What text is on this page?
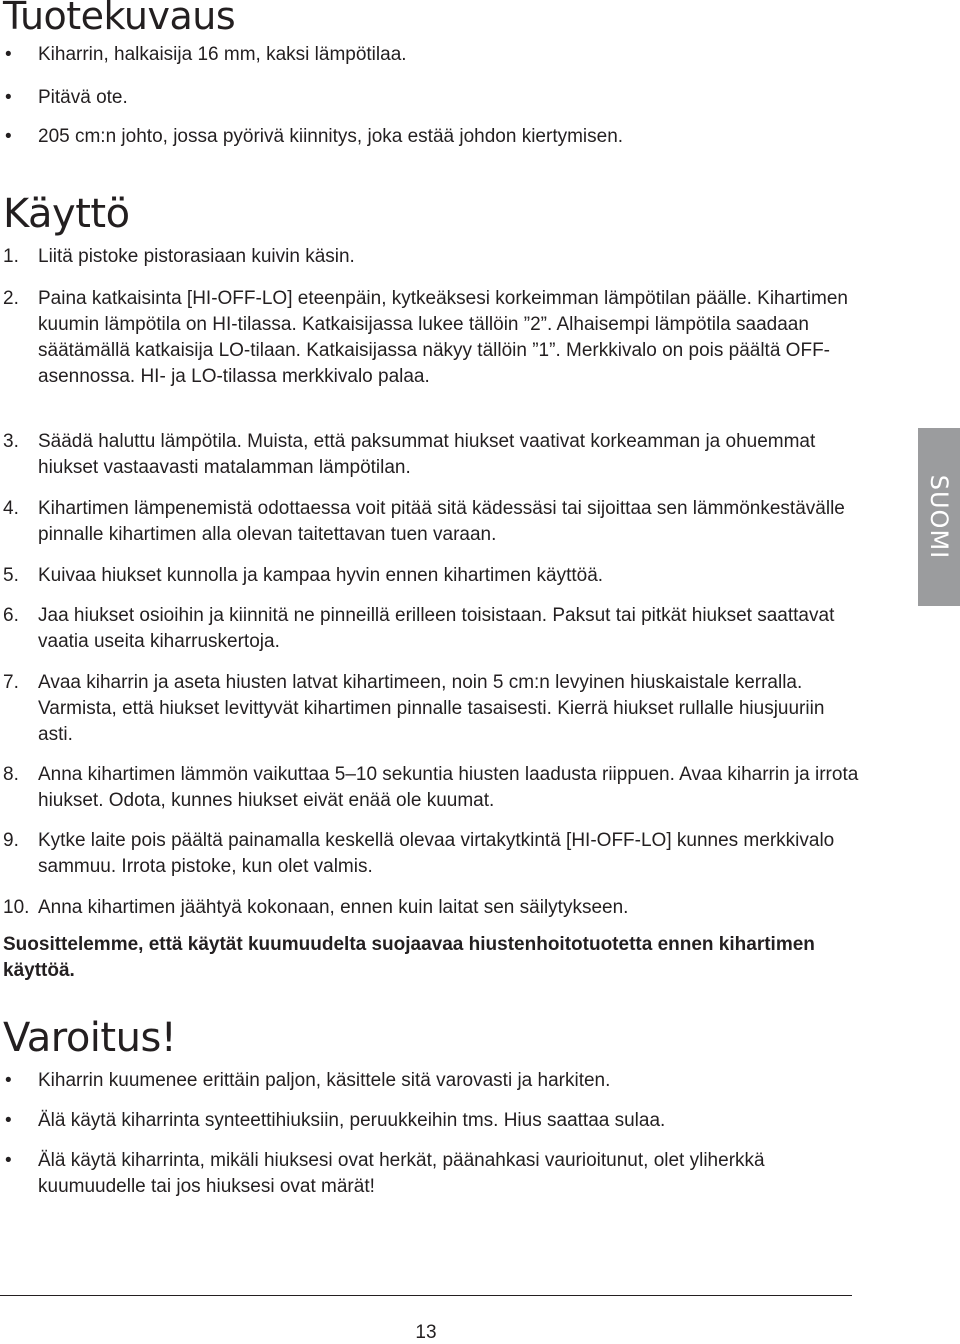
Tuotekuvaus
• Kiharrin, halkaisija 16 mm, kaksi lämpötilaa.
• Pitävä ote.
• 205 cm:n johto, jossa pyörivä kiinnitys, joka estää johdon kiertymisen.
Käyttö
1. Liitä pistoke pistorasiaan kuivin käsin.
2. Paina katkaisinta [HI-OFF-LO] eteenpäin, kytkeäksesi korkeimman lämpötilan päälle. Kihartimen kuumin lämpötila on HI-tilassa. Katkaisijassa lukee tällöin ”2”. Alhaisempi lämpötila saadaan säätämällä katkaisija LO-tilaan. Katkaisijassa näkyy tällöin ”1”. Merkkivalo on pois päältä OFF-asennossa. HI- ja LO-tilassa merkkivalo palaa.
3. Säädä haluttu lämpötila. Muista, että paksummat hiukset vaativat korkeamman ja ohuemmat hiukset vastaavasti matalamman lämpötilan.
4. Kihartimen lämpenemistä odottaessa voit pitää sitä kädessäsi tai sijoittaa sen lämmönkestävälle pinnalle kihartimen alla olevan taitettavan tuen varaan.
5. Kuivaa hiukset kunnolla ja kampaa hyvin ennen kihartimen käyttöä.
6. Jaa hiukset osioihin ja kiinnitä ne pinneillä erilleen toisistaan. Paksut tai pitkät hiukset saattavat vaatia useita kiharruskertoja.
7. Avaa kiharrin ja aseta hiusten latvat kihartimeen, noin 5 cm:n levyinen hiuskaistale kerralla. Varmista, että hiukset levittyvät kihartimen pinnalle tasaisesti. Kierrä hiukset rullalle hiusjuuriin asti.
8. Anna kihartimen lämmön vaikuttaa 5–10 sekuntia hiusten laadusta riippuen. Avaa kiharrin ja irrota hiukset. Odota, kunnes hiukset eivät enää ole kuumat.
9. Kytke laite pois päältä painamalla keskellä olevaa virtakytkintä [HI-OFF-LO] kunnes merkkivalo sammuu. Irrota pistoke, kun olet valmis.
10. Anna kihartimen jäähtyä kokonaan, ennen kuin laitat sen säilytykseen.

Suosittelemme, että käytät kuumuudelta suojaavaa hiustenhoitotuotetta ennen kihartimen käyttöä.

Varoitus!
• Kiharrin kuumenee erittäin paljon, käsittele sitä varovasti ja harkiten.
• Älä käytä kiharrinta synteettihiuksiin, peruukkeihin tms. Hius saattaa sulaa.
• Älä käytä kiharrinta, mikäli hiuksesi ovat herkät, päänahkasi vaurioitunut, olet yliherkkä kuumuudelle tai jos hiuksesi ovat märät!
SUOMI
13
